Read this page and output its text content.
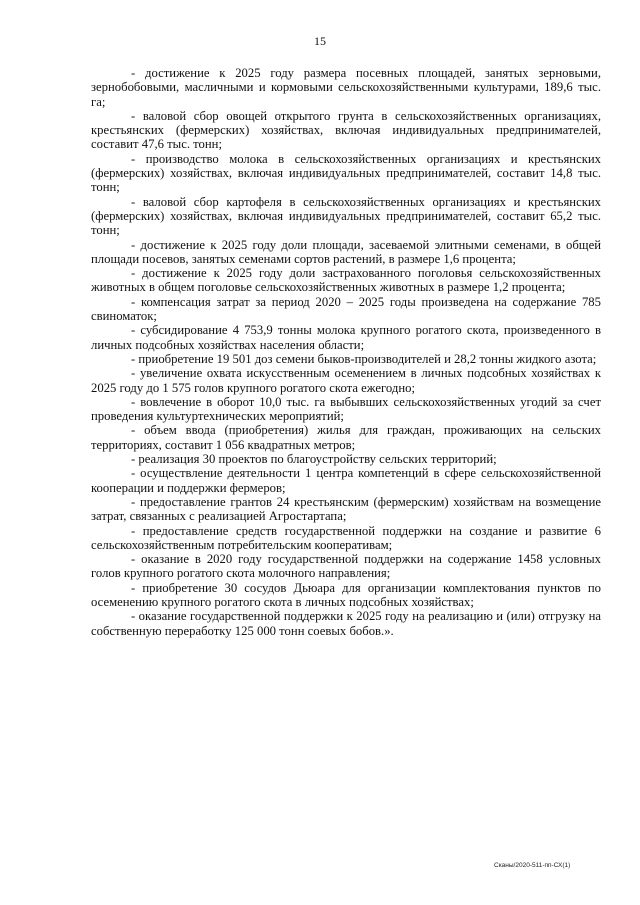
15

- достижение к 2025 году размера посевных площадей, занятых зерновыми, зернобобовыми, масличными и кормовыми сельскохозяйственными культурами, 189,6 тыс. га;

- валовой сбор овощей открытого грунта в сельскохозяйственных организациях, крестьянских (фермерских) хозяйствах, включая индивидуальных предпринимателей, составит 47,6 тыс. тонн;

- производство молока в сельскохозяйственных организациях и крестьянских (фермерских) хозяйствах, включая индивидуальных предпринимателей, составит 14,8 тыс. тонн;

- валовой сбор картофеля в сельскохозяйственных организациях и крестьянских (фермерских) хозяйствах, включая индивидуальных предпринимателей, составит 65,2 тыс. тонн;

- достижение к 2025 году доли площади, засеваемой элитными семенами, в общей площади посевов, занятых семенами сортов растений, в размере 1,6 процента;

- достижение к 2025 году доли застрахованного поголовья сельскохозяйственных животных в общем поголовье сельскохозяйственных животных в размере 1,2 процента;

- компенсация затрат за период 2020 – 2025 годы произведена на содержание 785 свиноматок;

- субсидирование 4 753,9 тонны молока крупного рогатого скота, произведенного в личных подсобных хозяйствах населения области;

- приобретение 19 501 доз семени быков-производителей и 28,2 тонны жидкого азота;

- увеличение охвата искусственным осеменением в личных подсобных хозяйствах к 2025 году до 1 575 голов крупного рогатого скота ежегодно;

- вовлечение в оборот 10,0 тыс. га выбывших сельскохозяйственных угодий за счет проведения культуртехнических мероприятий;

- объем ввода (приобретения) жилья для граждан, проживающих на сельских территориях, составит 1 056 квадратных метров;

- реализация 30 проектов по благоустройству сельских территорий;

- осуществление деятельности 1 центра компетенций в сфере сельскохозяйственной кооперации и поддержки фермеров;

- предоставление грантов 24 крестьянским (фермерским) хозяйствам на возмещение затрат, связанных с реализацией Агростартапа;

- предоставление средств государственной поддержки на создание и развитие 6 сельскохозяйственным потребительским кооперативам;

- оказание в 2020 году государственной поддержки на содержание 1458 условных голов крупного рогатого скота молочного направления;

- приобретение 30 сосудов Дьюара для организации комплектования пунктов по осеменению крупного рогатого скота в личных подсобных хозяйствах;

- оказание государственной поддержки к 2025 году на реализацию и (или) отгрузку на собственную переработку 125 000 тонн соевых бобов.».

Сканы/2020-511-пп-СХ(1)
